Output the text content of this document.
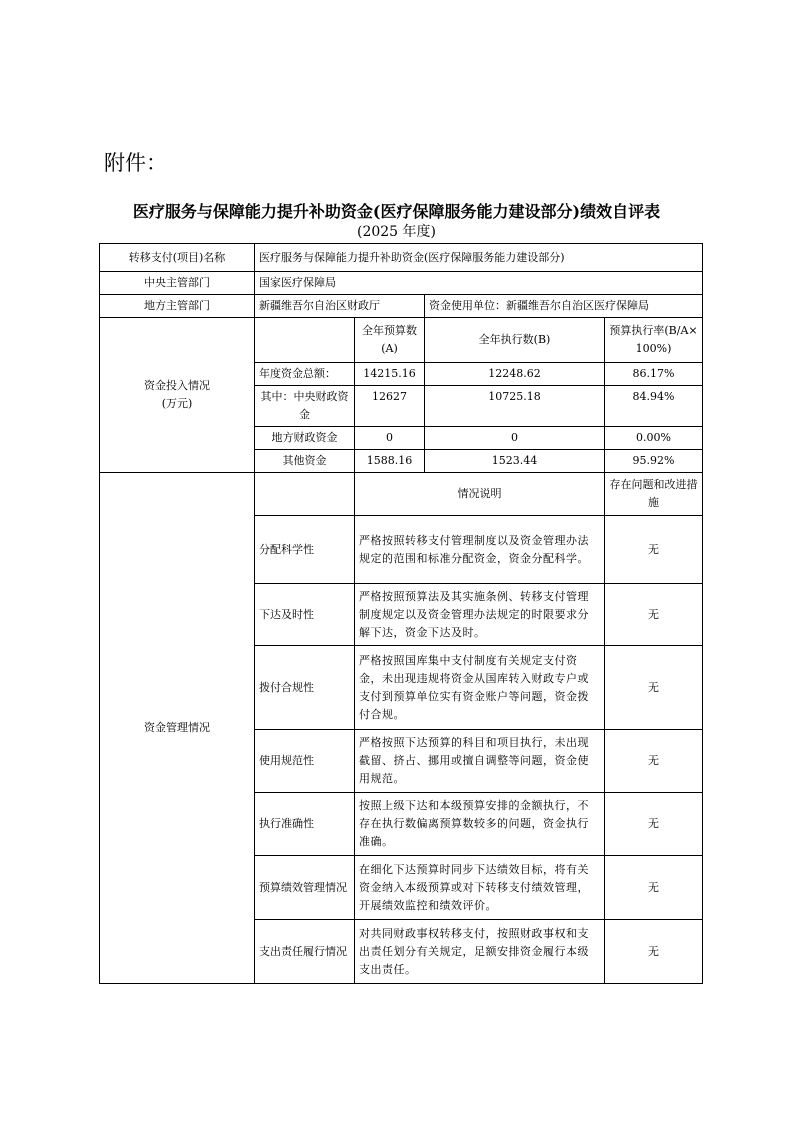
附件：
医疗服务与保障能力提升补助资金(医疗保障服务能力建设部分)绩效自评表
(2025 年度)
转移支付(项目)名称	医疗服务与保障能力提升补助资金(医疗保障服务能力建设部分)			
中央主管部门	国家医疗保障局			
地方主管部门	新疆维吾尔自治区财政厅		资金使用单位：新疆维吾尔自治区医疗保障局	

资金投入情况
(万元)		全年预算数(A)	全年执行数(B)	预算执行率(B/A×100%)
	年度资金总额：	14215.16	12248.62	86.17%
	其中：中央财政资金	12627	10725.18	84.94%
	地方财政资金	0	0	0.00%
	其他资金	1588.16	1523.44	95.92%
资金管理情况		情况说明		存在问题和改进措施
	分配科学性	严格按照转移支付管理制度以及资金管理办法规定的范围和标准分配资金，资金分配科学。		无
	下达及时性	严格按照预算法及其实施条例、转移支付管理制度规定以及资金管理办法规定的时限要求分解下达，资金下达及时。		无
	拨付合规性	严格按照国库集中支付制度有关规定支付资金，未出现违规将资金从国库转入财政专户或支付到预算单位实有资金账户等问题，资金拨付合规。		无
	使用规范性	严格按照下达预算的科目和项目执行，未出现截留、挤占、挪用或擅自调整等问题，资金使用规范。		无
	执行准确性	按照上级下达和本级预算安排的金额执行，不存在执行数偏离预算数较多的问题，资金执行准确。		无
	预算绩效管理情况	在细化下达预算时同步下达绩效目标，将有关资金纳入本级预算或对下转移支付绩效管理，开展绩效监控和绩效评价。		无
	支出责任履行情况	对共同财政事权转移支付，按照财政事权和支出责任划分有关规定，足额安排资金履行本级支出责任。		无
